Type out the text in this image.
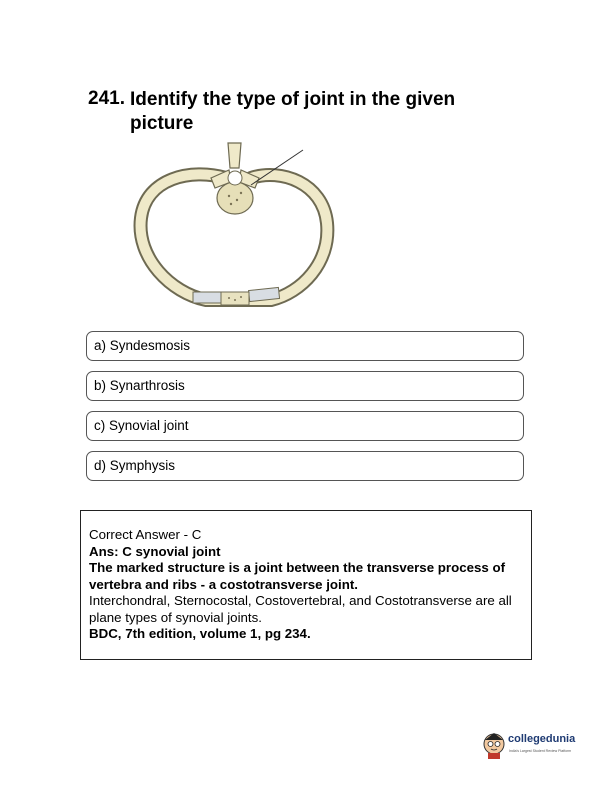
241. Identify the type of joint in the given picture
a) Syndesmosis
b) Synarthrosis
c) Synovial joint
d) Symphysis
Correct Answer - C
Ans: C synovial joint
The marked structure is a joint between the transverse process of vertebra and ribs - a costotransverse joint.
Interchondral, Sternocostal, Costovertebral, and Costotransverse are all plane types of synovial joints.
BDC, 7th edition, volume 1, pg 234.
collegedunia
India's Largest Student Review Platform
